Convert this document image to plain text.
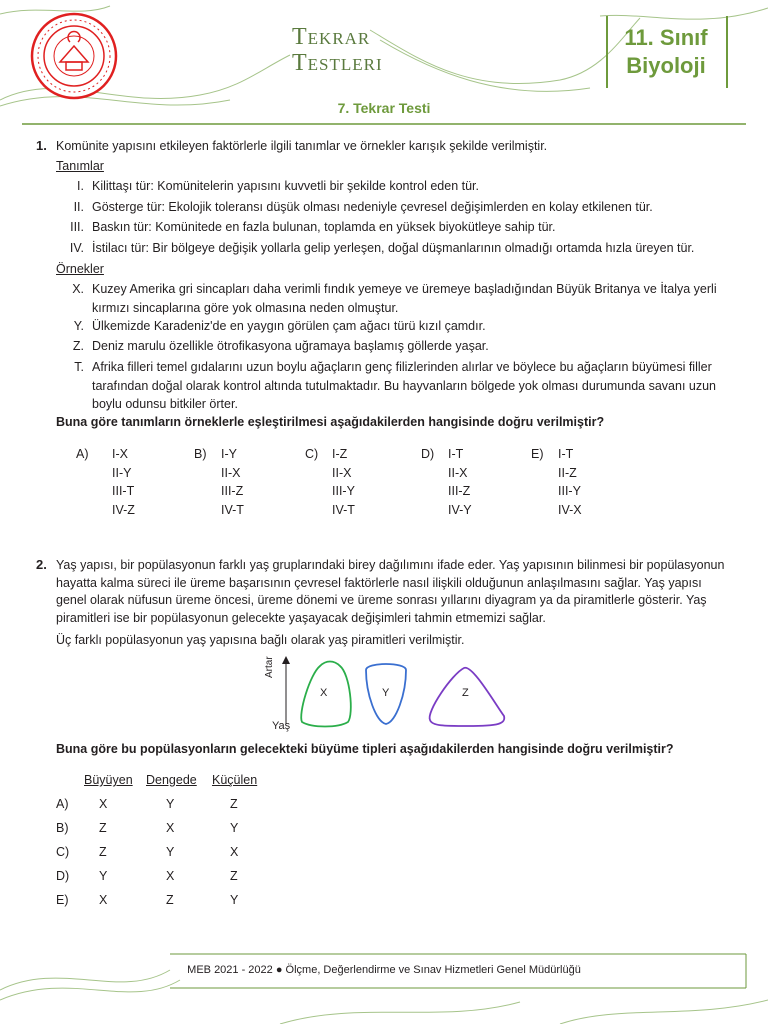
Tekrar
Testleri
11. Sınıf
Biyoloji
7. Tekrar Testi
1. Komünite yapısını etkileyen faktörlerle ilgili tanımlar ve örnekler karışık şekilde verilmiştir.
Tanımlar
I. Kilittaşı tür: Komünitelerin yapısını kuvvetli bir şekilde kontrol eden tür.
II. Gösterge tür: Ekolojik toleransı düşük olması nedeniyle çevresel değişimlerden en kolay etkilenen tür.
III. Baskın tür: Komünitede en fazla bulunan, toplamda en yüksek biyokütleye sahip tür.
IV. İstilacı tür: Bir bölgeye değişik yollarla gelip yerleşen, doğal düşmanlarının olmadığı ortamda hızla üreyen tür.
Örnekler
X. Kuzey Amerika gri sincapları daha verimli fındık yemeye ve üremeye başladığından Büyük Britanya ve İtalya yerli
kırmızı sincaplarına göre yok olmasına neden olmuştur.
Y. Ülkemizde Karadeniz'de en yaygın görülen çam ağacı türü kızıl çamdır.
Z. Deniz marulu özellikle ötrofikasyona uğramaya başlamış göllerde yaşar.
T. Afrika filleri temel gıdalarını uzun boylu ağaçların genç filizlerinden alırlar ve böylece bu ağaçların büyümesi filler
tarafından doğal olarak kontrol altında tutulmaktadır. Bu hayvanların bölgede yok olması durumunda savanı uzun
boylu odunsu bitkiler örter.
Buna göre tanımların örneklerle eşleştirilmesi aşağıdakilerden hangisinde doğru verilmiştir?
A) I-X
II-Y
III-T
IV-Z
B) I-Y
II-X
III-Z
IV-T
C) I-Z
II-X
III-Y
IV-T
D) I-T
II-X
III-Z
IV-Y
E) I-T
II-Z
III-Y
IV-X
2. Yaş yapısı, bir popülasyonun farklı yaş gruplarındaki birey dağılımını ifade eder. Yaş yapısının bilinmesi bir popülasyonun
hayatta kalma süreci ile üreme başarısının çevresel faktörlerle nasıl ilişkili olduğunun anlaşılmasını sağlar. Yaş yapısı
genel olarak nüfusun üreme öncesi, üreme dönemi ve üreme sonrası yıllarını diyagram ya da piramitlerle gösterir. Yaş
piramitleri ise bir popülasyonun gelecekte yaşayacak değişimleri tahmin etmemizi sağlar.
Üç farklı popülasyonun yaş yapısına bağlı olarak yaş piramitleri verilmiştir.
Artar
Yaş
X	Y	Z
Buna göre bu popülasyonların gelecekteki büyüme tipleri aşağıdakilerden hangisinde doğru verilmiştir?
Büyüyen Dengede Küçülen
A) X	Y	Z
B) Z	X	Y
C) Z	Y	X
D) Y	X	Z
E) X	Z	Y
MEB 2021 - 2022 ● Ölçme, Değerlendirme ve Sınav Hizmetleri Genel Müdürlüğü
